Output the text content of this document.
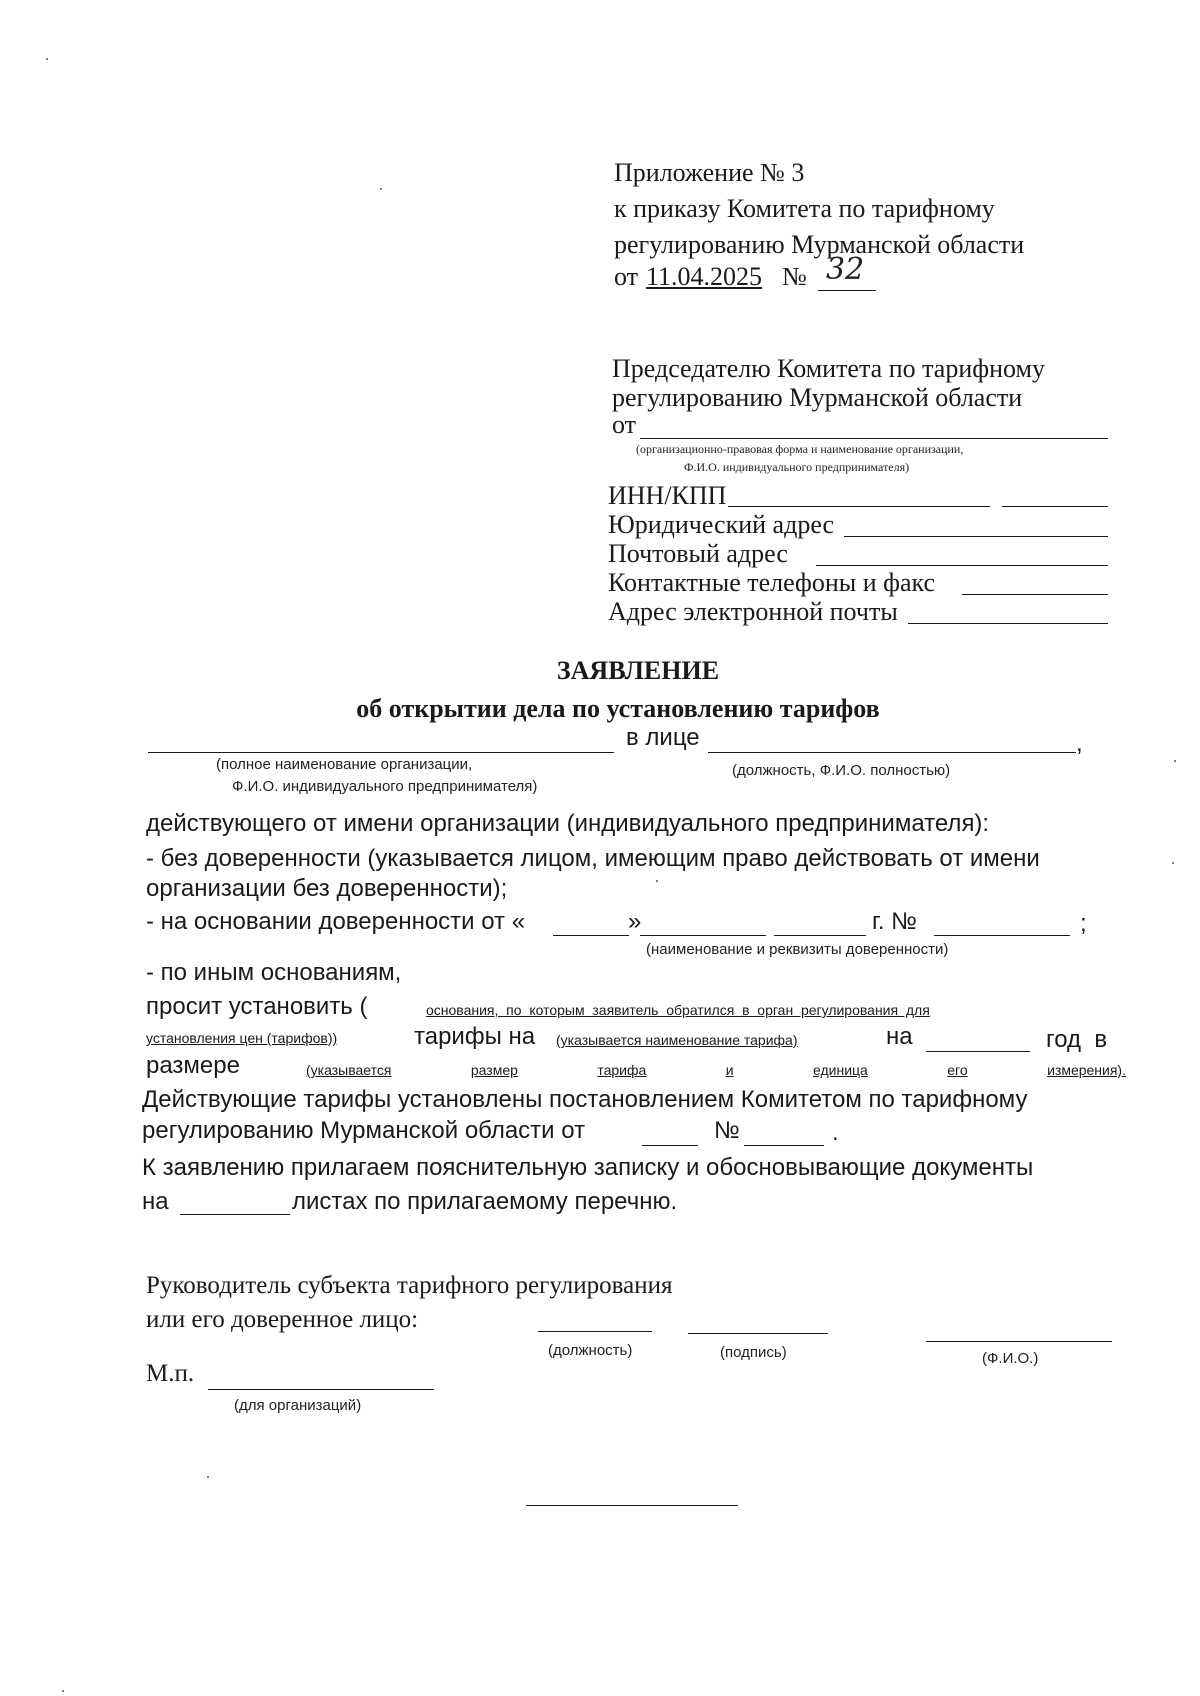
Приложение № 3
к приказу Комитета по тарифному
регулированию Мурманской области
от 11.04.2025 № 32
Председателю Комитета по тарифному
регулированию Мурманской области
от
(организационно-правовая форма и наименование организации,
Ф.И.О. индивидуального предпринимателя)
ИНН/КПП
Юридический адрес
Почтовый адрес
Контактные телефоны и факс
Адрес электронной почты
ЗАЯВЛЕНИЕ
об открытии дела по установлению тарифов
в лице	,
(полное наименование организации,
Ф.И.О. индивидуального предпринимателя)
(должность, Ф.И.О. полностью)
действующего от имени организации (индивидуального предпринимателя):
- без доверенности (указывается лицом, имеющим право действовать от имени
организации без доверенности);
- на основании доверенности от «	»	г. №	;
(наименование и реквизиты доверенности)
- по иным основаниям,
просит установить (	основания,  по  которым  заявитель  обратился  в  орган  регулирования  для
установления цен (тарифов))	тарифы на (указывается наименование тарифа)	на	год  в
размере	(указывается	размер	тарифа	и	единица	его	измерения).
Действующие тарифы установлены постановлением Комитетом по тарифному
регулированию Мурманской области от	№	.
К заявлению прилагаем пояснительную записку и обосновывающие документы
на	листах по прилагаемому перечню.
Руководитель субъекта тарифного регулирования
или его доверенное лицо:
(должность)	(подпись)	(Ф.И.О.)
М.п.
(для организаций)
